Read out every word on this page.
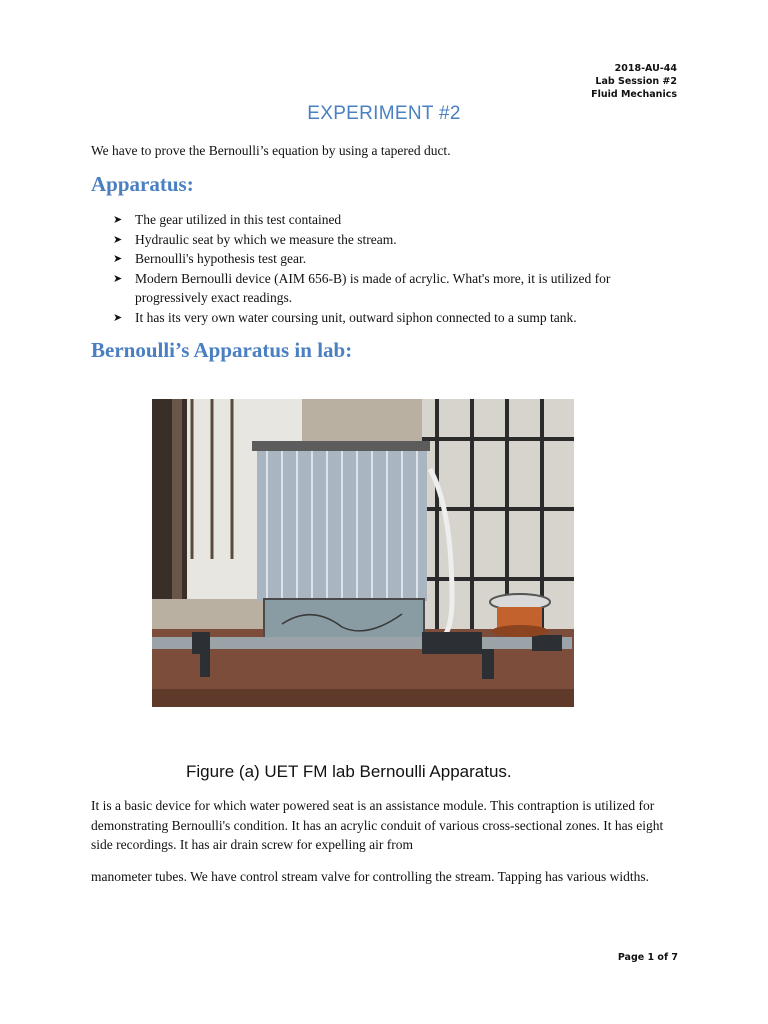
2018-AU-44
Lab Session #2
Fluid Mechanics
EXPERIMENT #2
We have to prove the Bernoulli’s equation by using a tapered duct.
Apparatus:
➤ The gear utilized in this test contained
➤ Hydraulic seat by which we measure the stream.
➤ Bernoulli's hypothesis test gear.
➤ Modern Bernoulli device (AIM 656-B) is made of acrylic. What's more, it is utilized for progressively exact readings.
➤ It has its very own water coursing unit, outward siphon connected to a sump tank.
Bernoulli’s Apparatus in lab:
Figure (a) UET FM lab Bernoulli Apparatus.
It is a basic device for which water powered seat is an assistance module. This contraption is utilized for demonstrating Bernoulli's condition. It has an acrylic conduit of various cross-sectional zones. It has eight side recordings. It has air drain screw for expelling air from
manometer tubes. We have control stream valve for controlling the stream. Tapping has various widths.
Page 1 of 7
